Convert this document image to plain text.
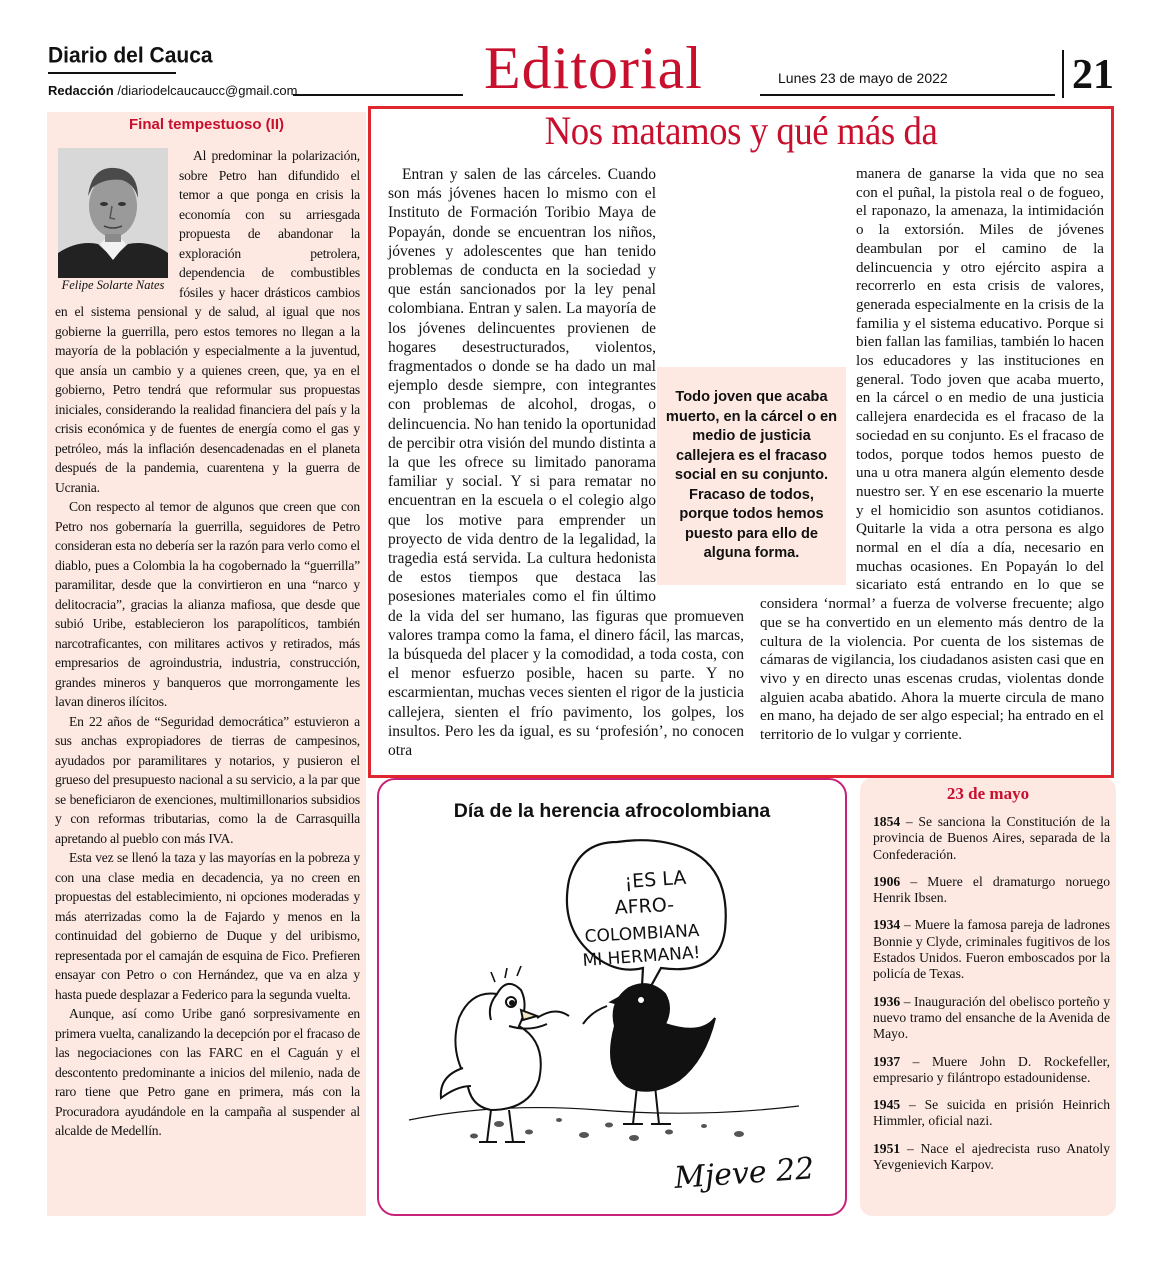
Diario del Cauca
Redacción /diariodelcaucaucc@gmail.com	Editorial	Lunes 23 de mayo de 2022	21
Final tempestuoso (II)

Al predominar la polarización, sobre Petro han difundido el temor a que ponga en crisis la economía con su arriesgada propuesta de abandonar la exploración petrolera, dependencia de combustibles fósiles y hacer drásticos cambios en el sistema pensional y de salud, al igual que nos gobierne la guerrilla, pero estos temores no llegan a la mayoría de la población y especialmente a la juventud, que ansía un cambio y a quienes creen, que, ya en el gobierno, Petro tendrá que reformular sus propuestas iniciales, considerando la realidad financiera del país y la crisis económica y de fuentes de energía como el gas y petróleo, más la inflación desencadenadas en el planeta después de la pandemia, cuarentena y la guerra de Ucrania.

Con respecto al temor de algunos que creen que con Petro nos gobernaría la guerrilla, seguidores de Petro consideran esta no debería ser la razón para verlo como el diablo, pues a Colombia la ha cogobernado la “guerrilla” paramilitar, desde que la convirtieron en una “narco y delitocracia”, gracias la alianza mafiosa, que desde que subió Uribe, establecieron los parapolíticos, también narcotraficantes, con militares activos y retirados, más empresarios de agroindustria, industria, construcción, grandes mineros y banqueros que morrongamente les lavan dineros ilícitos.

En 22 años de “Seguridad democrática” estuvieron a sus anchas expropiadores de tierras de campesinos, ayudados por paramilitares y notarios, y pusieron el grueso del presupuesto nacional a su servicio, a la par que se beneficiaron de exenciones, multimillonarios subsidios y con reformas tributarias, como la de Carrasquilla apretando al pueblo con más IVA.

Esta vez se llenó la taza y las mayorías en la pobreza y con una clase media en decadencia, ya no creen en propuestas del establecimiento, ni opciones moderadas y más aterrizadas como la de Fajardo y menos en la continuidad del gobierno de Duque y del uribismo, representada por el camaján de esquina de Fico. Prefieren ensayar con Petro o con Hernández, que va en alza y hasta puede desplazar a Federico para la segunda vuelta.

Aunque, así como Uribe ganó sorpresivamente en primera vuelta, canalizando la decepción por el fracaso de las negociaciones con las FARC en el Caguán y el descontento predominante a inicios del milenio, nada de raro tiene que Petro gane en primera, más con la Procuradora ayudándole en la campaña al suspender al alcalde de Medellín.

Felipe Solarte Nates
Nos matamos y qué más da

Entran y salen de las cárceles. Cuando son más jóvenes hacen lo mismo con el Instituto de Formación Toribio Maya de Popayán, donde se encuentran los niños, jóvenes y adolescentes que han tenido problemas de conducta en la sociedad y que están sancionados por la ley penal colombiana. Entran y salen. La mayoría de los jóvenes delincuentes provienen de hogares desestructurados, violentos, fragmentados o donde se ha dado un mal ejemplo desde siempre, con integrantes con problemas de alcohol, drogas, o delincuencia. No han tenido la oportunidad de percibir otra visión del mundo distinta a la que les ofrece su limitado panorama familiar y social. Y si para rematar no encuentran en la escuela o el colegio algo que los motive para emprender un proyecto de vida dentro de la legalidad, la tragedia está servida. La cultura hedonista de estos tiempos que destaca las posesiones materiales como el fin último de la vida del ser humano, las figuras que promueven valores trampa como la fama, el dinero fácil, las marcas, la búsqueda del placer y la comodidad, a toda costa, con el menor esfuerzo posible, hacen su parte. Y no escarmientan, muchas veces sienten el rigor de la justicia callejera, sienten el frío pavimento, los golpes, los insultos. Pero les da igual, es su ‘profesión’, no conocen otra

manera de ganarse la vida que no sea con el puñal, la pistola real o de fogueo, el raponazo, la amenaza, la intimidación o la extorsión. Miles de jóvenes deambulan por el camino de la delincuencia y otro ejército aspira a recorrerlo en esta crisis de valores, generada especialmente en la crisis de la familia y el sistema educativo. Porque si bien fallan las familias, también lo hacen los educadores y las instituciones en general. Todo joven que acaba muerto, en la cárcel o en medio de una justicia callejera enardecida es el fracaso de la sociedad en su conjunto. Es el fracaso de todos, porque todos hemos puesto de una u otra manera algún elemento desde nuestro ser. Y en ese escenario la muerte y el homicidio son asuntos cotidianos. Quitarle la vida a otra persona es algo normal en el día a día, necesario en muchas ocasiones. En Popayán lo del sicariato está entrando en lo que se considera ‘normal’ a fuerza de volverse frecuente; algo que se ha convertido en un elemento más dentro de la cultura de la violencia. Por cuenta de los sistemas de cámaras de vigilancia, los ciudadanos asisten casi que en vivo y en directo unas escenas crudas, violentas donde alguien acaba abatido. Ahora la muerte circula de mano en mano, ha dejado de ser algo especial; ha entrado en el territorio de lo vulgar y corriente.

Todo joven que acaba muerto, en la cárcel o en medio de justicia callejera es el fracaso social en su conjunto. Fracaso de todos, porque todos hemos puesto para ello de alguna forma.
Día de la herencia afrocolombiana
¡ES LA
AFRO-
COLOMBIANA
MI HERMANA!
Mjeve 22
23 de mayo
1854 – Se sanciona la Constitución de la provincia de Buenos Aires, separada de la Confederación.
1906 – Muere el dramaturgo noruego Henrik Ibsen.
1934 – Muere la famosa pareja de ladrones Bonnie y Clyde, criminales fugitivos de los Estados Unidos. Fueron emboscados por la policía de Texas.
1936 – Inauguración del obelisco porteño y nuevo tramo del ensanche de la Avenida de Mayo.
1937 – Muere John D. Rockefeller, empresario y filántropo estadounidense.
1945 – Se suicida en prisión Heinrich Himmler, oficial nazi.
1951 – Nace el ajedrecista ruso Anatoly Yevgenievich Karpov.
